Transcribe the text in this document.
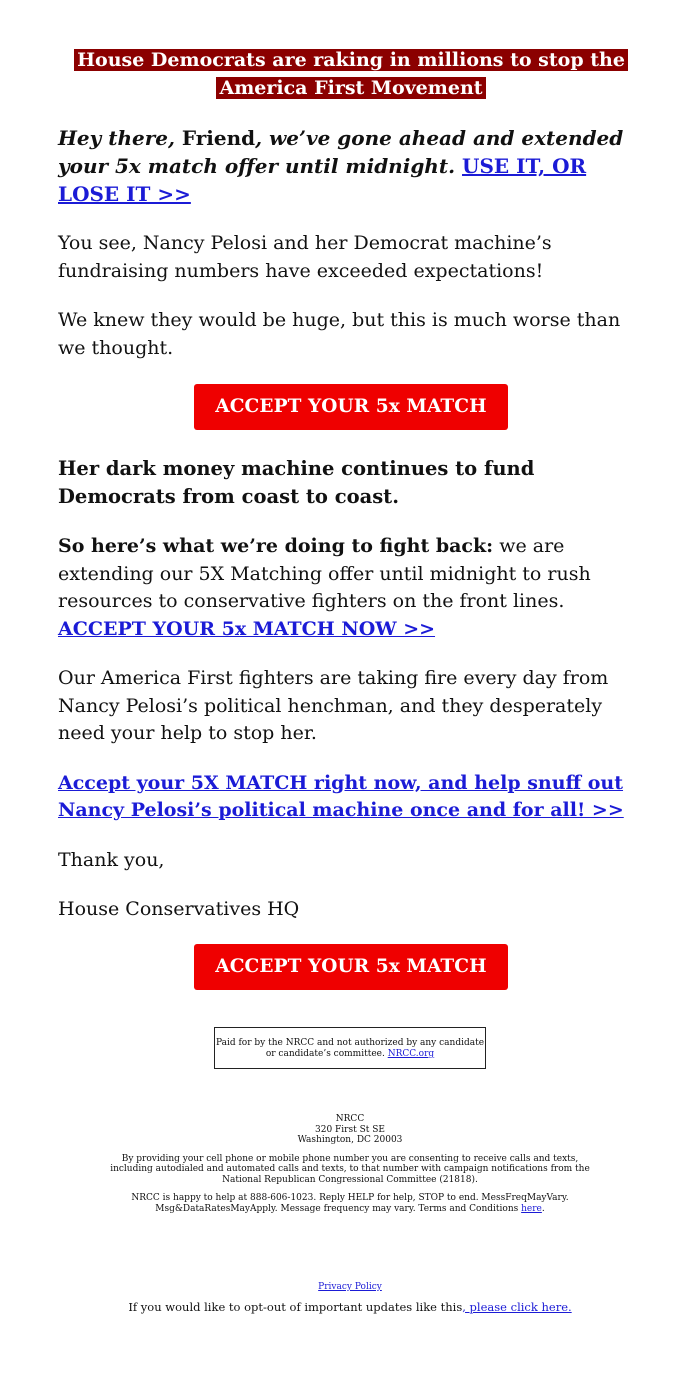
House Democrats are raking in millions to stop the
America First Movement

Hey there, Friend, we’ve gone ahead and extended your 5x match offer until midnight. USE IT, OR LOSE IT >>

You see, Nancy Pelosi and her Democrat machine’s fundraising numbers have exceeded expectations!

We knew they would be huge, but this is much worse than we thought.

ACCEPT YOUR 5x MATCH

Her dark money machine continues to fund Democrats from coast to coast.

So here’s what we’re doing to fight back: we are extending our 5X Matching offer until midnight to rush resources to conservative fighters on the front lines. ACCEPT YOUR 5x MATCH NOW >>

Our America First fighters are taking fire every day from Nancy Pelosi’s political henchman, and they desperately need your help to stop her.

Accept your 5X MATCH right now, and help snuff out Nancy Pelosi’s political machine once and for all! >>

Thank you,

House Conservatives HQ

ACCEPT YOUR 5x MATCH
Paid for by the NRCC and not authorized by any candidate or candidate’s committee. NRCC.org
NRCC
320 First St SE
Washington, DC 20003
By providing your cell phone or mobile phone number you are consenting to receive calls and texts, including autodialed and automated calls and texts, to that number with campaign notifications from the National Republican Congressional Committee (21818).
NRCC is happy to help at 888-606-1023. Reply HELP for help, STOP to end. MessFreqMayVary. Msg&DataRatesMayApply. Message frequency may vary. Terms and Conditions here.
Privacy Policy
If you would like to opt-out of important updates like this, please click here.
